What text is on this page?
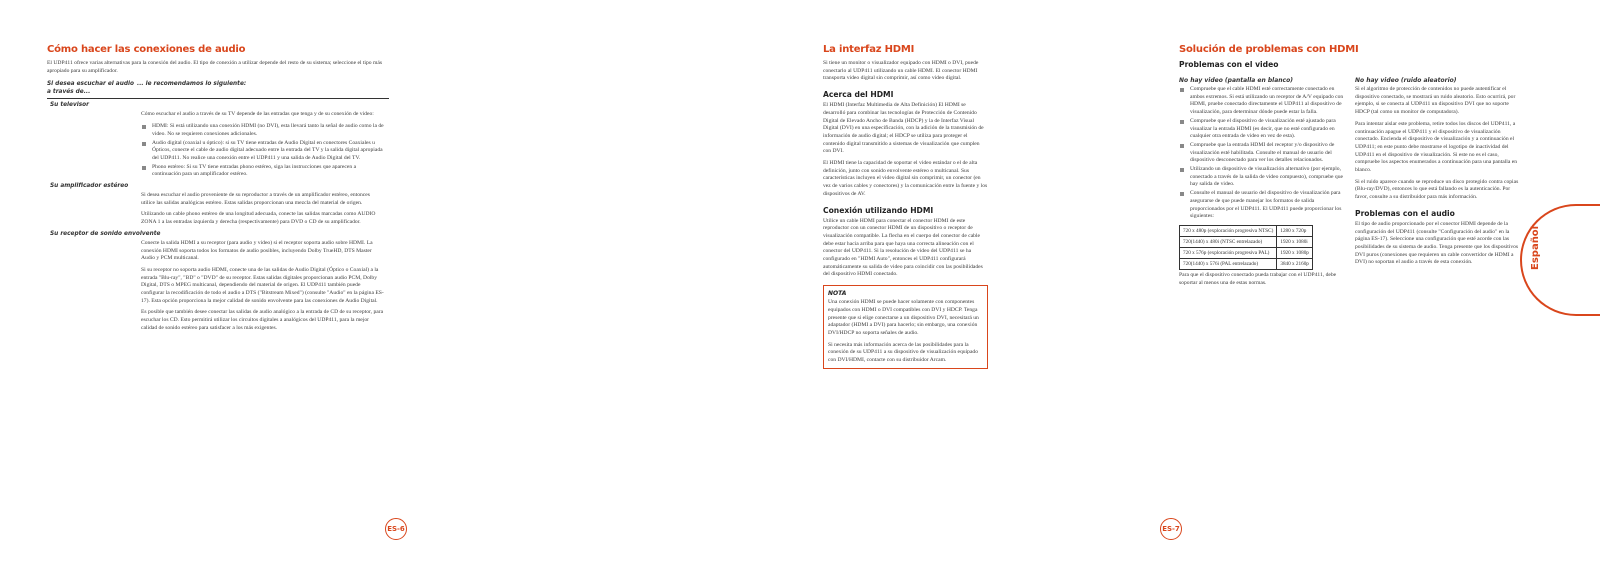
Cómo hacer las conexiones de audio

El UDP411 ofrece varias alternativas para la conexión del audio. El tipo de conexión a utilizar depende del resto de su sistema; seleccione el tipo más apropiado para su amplificador.

Si desea escuchar el audio a través de...
... le recomendamos lo siguiente:
Su televisor

Cómo escuchar el audio a través de su TV depende de las entradas que tenga y de su conexión de video:

HDMI: Si está utilizando una conexión HDMI (no DVI), esta llevará tanto la señal de audio como la de video. No se requieren conexiones adicionales.
Audio digital (coaxial u óptico): si su TV tiene entradas de Audio Digital en conectores Coaxiales u Ópticos, conecte el cable de audio digital adecuado entre la entrada del TV y la salida digital apropiada del UDP411. No realice una conexión entre el UDP411 y una salida de Audio Digital del TV.
Phono estéreo: Si su TV tiene entradas phono estéreo, siga las instrucciones que aparecen a continuación para un amplificador estéreo.
Su amplificador estéreo

Si desea escuchar el audio proveniente de su reproductor a través de un amplificador estéreo, entonces utilice las salidas analógicas estéreo. Estas salidas proporcionan una mezcla del material de origen.

Utilizando un cable phono estéreo de una longitud adecuada, conecte las salidas marcadas como AUDIO ZONA 1 a las entradas izquierda y derecha (respectivamente) para DVD o CD de su amplificador.

Su receptor de sonido envolvente

Conecte la salida HDMI a su receptor (para audio y video) si el receptor soporta audio sobre HDMI. La conexión HDMI soporta todos los formatos de audio posibles, incluyendo Dolby TrueHD, DTS Master Audio y PCM multicanal.

Si su receptor no soporta audio HDMI, conecte una de las salidas de Audio Digital (Óptico o Coaxial) a la entrada "Blu-ray", "BD" o "DVD" de su receptor. Estas salidas digitales proporcionan audio PCM, Dolby Digital, DTS o MPEG multicanal, dependiendo del material de origen. El UDP411 también puede configurar la recodificación de todo el audio a DTS ("Bitstream Mixed") (consulte "Audio" en la página ES-17). Esta opción proporciona la mejor calidad de sonido envolvente para las conexiones de Audio Digital.

Es posible que también desee conectar las salidas de audio analógico a la entrada de CD de su receptor, para escuchar los CD. Esto permitirá utilizar los circuitos digitales a analógicos del UDP411, para la mejor calidad de sonido estéreo para satisfacer a los más exigentes.

ES-6
La interfaz HDMI

Si tiene un monitor o visualizador equipado con HDMI o DVI, puede conectarlo al UDP411 utilizando un cable HDMI. El conector HDMI transporta video digital sin comprimir, así como video digital.

Acerca del HDMI

El HDMI (Interfaz Multimedia de Alta Definición) El HDMI se desarrolló para combinar las tecnologías de Protección de Contenido Digital de Elevado Ancho de Banda (HDCP) y la de Interfaz Visual Digital (DVI) en una especificación, con la adición de la transmisión de información de audio digital; el HDCP se utiliza para proteger el contenido digital transmitido a sistemas de visualización que cumplen con DVI.

El HDMI tiene la capacidad de soportar el video estándar o el de alta definición, junto con sonido envolvente estéreo o multicanal. Sus características incluyen el video digital sin comprimir, un conector (en vez de varios cables y conectores) y la comunicación entre la fuente y los dispositivos de AV.

Conexión utilizando HDMI

Utilice un cable HDMI para conectar el conector HDMI de este reproductor con un conector HDMI de un dispositivo o receptor de visualización compatible. La flecha en el cuerpo del conector de cable debe estar hacia arriba para que haya una correcta alineación con el conector del UDP411. Si la resolución de video del UDP411 se ha configurado en "HDMI Auto", entonces el UDP411 configurará automáticamente su salida de video para coincidir con las posibilidades del dispositivo HDMI conectado.

NOTA

Una conexión HDMI se puede hacer solamente con componentes equipados con HDMI o DVI compatibles con DVI y HDCP. Tenga presente que si elige conectarse a un dispositivo DVI, necesitará un adaptador (HDMI a DVI) para hacerlo; sin embargo, una conexión DVI/HDCP no soporta señales de audio.

Si necesita más información acerca de las posibilidades para la conexión de su UDP411 a su dispositivo de visualización equipado con DVI/HDMI, contacte con su distribuidor Arcam.

Solución de problemas con HDMI
Problemas con el video
No hay video (pantalla en blanco)
Compruebe que el cable HDMI esté correctamente conectado en ambos extremos. Si está utilizando un receptor de A/V equipado con HDMI, pruebe conectado directamente el UDP411 al dispositivo de visualización, para determinar dónde puede estar la falla.
Compruebe que el dispositivo de visualización esté ajustado para visualizar la entrada HDMI (es decir, que no esté configurado en cualquier otra entrada de video en vez de esta).
Compruebe que la entrada HDMI del receptor y/o dispositivo de visualización esté habilitada. Consulte el manual de usuario del dispositivo desconectado para ver los detalles relacionados.
Utilizando un dispositivo de visualización alternativo (por ejemplo, conectado a través de la salida de video compuesto), compruebe que hay salida de video.
Consulte el manual de usuario del dispositivo de visualización para asegurarse de que puede manejar los formatos de salida proporcionados por el UDP411. El UDP411 puede proporcionar los siguientes:
720 x 480p (exploración progresiva NTSC)	1280 x 720p
720(1440) x 480i (NTSC entrelazado)	1920 x 1080i
720 x 576p (exploración progresiva PAL)	1920 x 1080p
720(1440) x 576i (PAL entrelazado)	3840 x 2160p

Para que el dispositivo conectado pueda trabajar con el UDP411, debe soportar al menos una de estas normas.

No hay video (ruido aleatorio)

Si el algoritmo de protección de contenidos no puede autentificar el dispositivo conectado, se mostrará un ruido aleatorio. Esto ocurrirá, por ejemplo, si se conecta al UDP411 un dispositivo DVI que no soporte HDCP (tal como un monitor de computadora).

Para intentar aislar este problema, retire todos los discos del UDP411, a continuación apague el UDP411 y el dispositivo de visualización conectado. Encienda el dispositivo de visualización y a continuación el UDP411; en este punto debe mostrarse el logotipo de inactividad del UDP411 en el dispositivo de visualización. Si este no es el caso, compruebe los aspectos enumerados a continuación para una pantalla en blanco.

Si el ruido aparece cuando se reproduce un disco protegido contra copias (Blu-ray/DVD), entonces lo que está fallando es la autenticación. Por favor, consulte a su distribuidor para más información.

Problemas con el audio

El tipo de audio proporcionado por el conector HDMI depende de la configuración del UDP411 (consulte "Configuración del audio" en la página ES-17). Seleccione una configuración que esté acorde con las posibilidades de su sistema de audio. Tenga presente que los dispositivos DVI puros (conexiones que requieren un cable convertidor de HDMI a DVI) no soportan el audio a través de esta conexión.

ES-7
Español
